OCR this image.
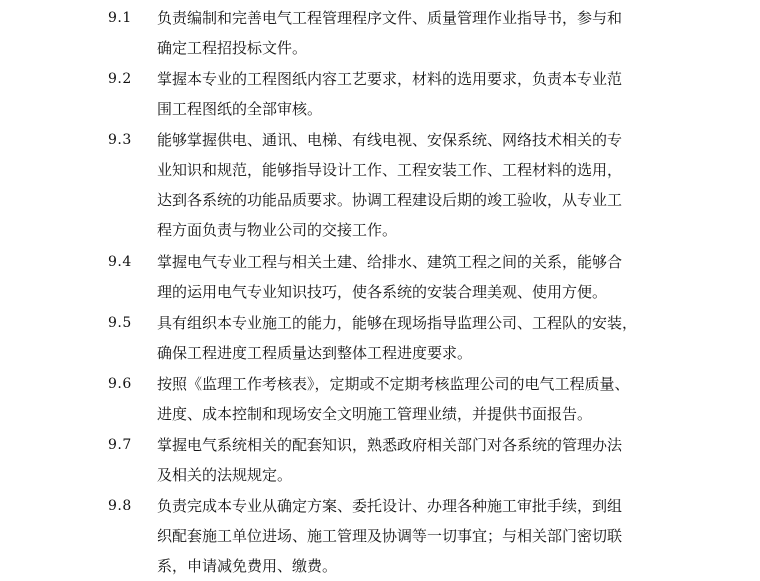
9.1 负责编制和完善电气工程管理程序文件、质量管理作业指导书，参与和
确定工程招投标文件。
9.2 掌握本专业的工程图纸内容工艺要求，材料的选用要求，负责本专业范
围工程图纸的全部审核。
9.3 能够掌握供电、通讯、电梯、有线电视、安保系统、网络技术相关的专
业知识和规范，能够指导设计工作、工程安装工作、工程材料的选用，
达到各系统的功能品质要求。协调工程建设后期的竣工验收，从专业工
程方面负责与物业公司的交接工作。
9.4 掌握电气专业工程与相关土建、给排水、建筑工程之间的关系，能够合
理的运用电气专业知识技巧，使各系统的安装合理美观、使用方便。
9.5 具有组织本专业施工的能力，能够在现场指导监理公司、工程队的安装，
确保工程进度工程质量达到整体工程进度要求。
9.6 按照《监理工作考核表》，定期或不定期考核监理公司的电气工程质量、
进度、成本控制和现场安全文明施工管理业绩，并提供书面报告。
9.7 掌握电气系统相关的配套知识，熟悉政府相关部门对各系统的管理办法
及相关的法规规定。
9.8 负责完成本专业从确定方案、委托设计、办理各种施工审批手续，到组
织配套施工单位进场、施工管理及协调等一切事宜；与相关部门密切联
系，申请减免费用、缴费。
